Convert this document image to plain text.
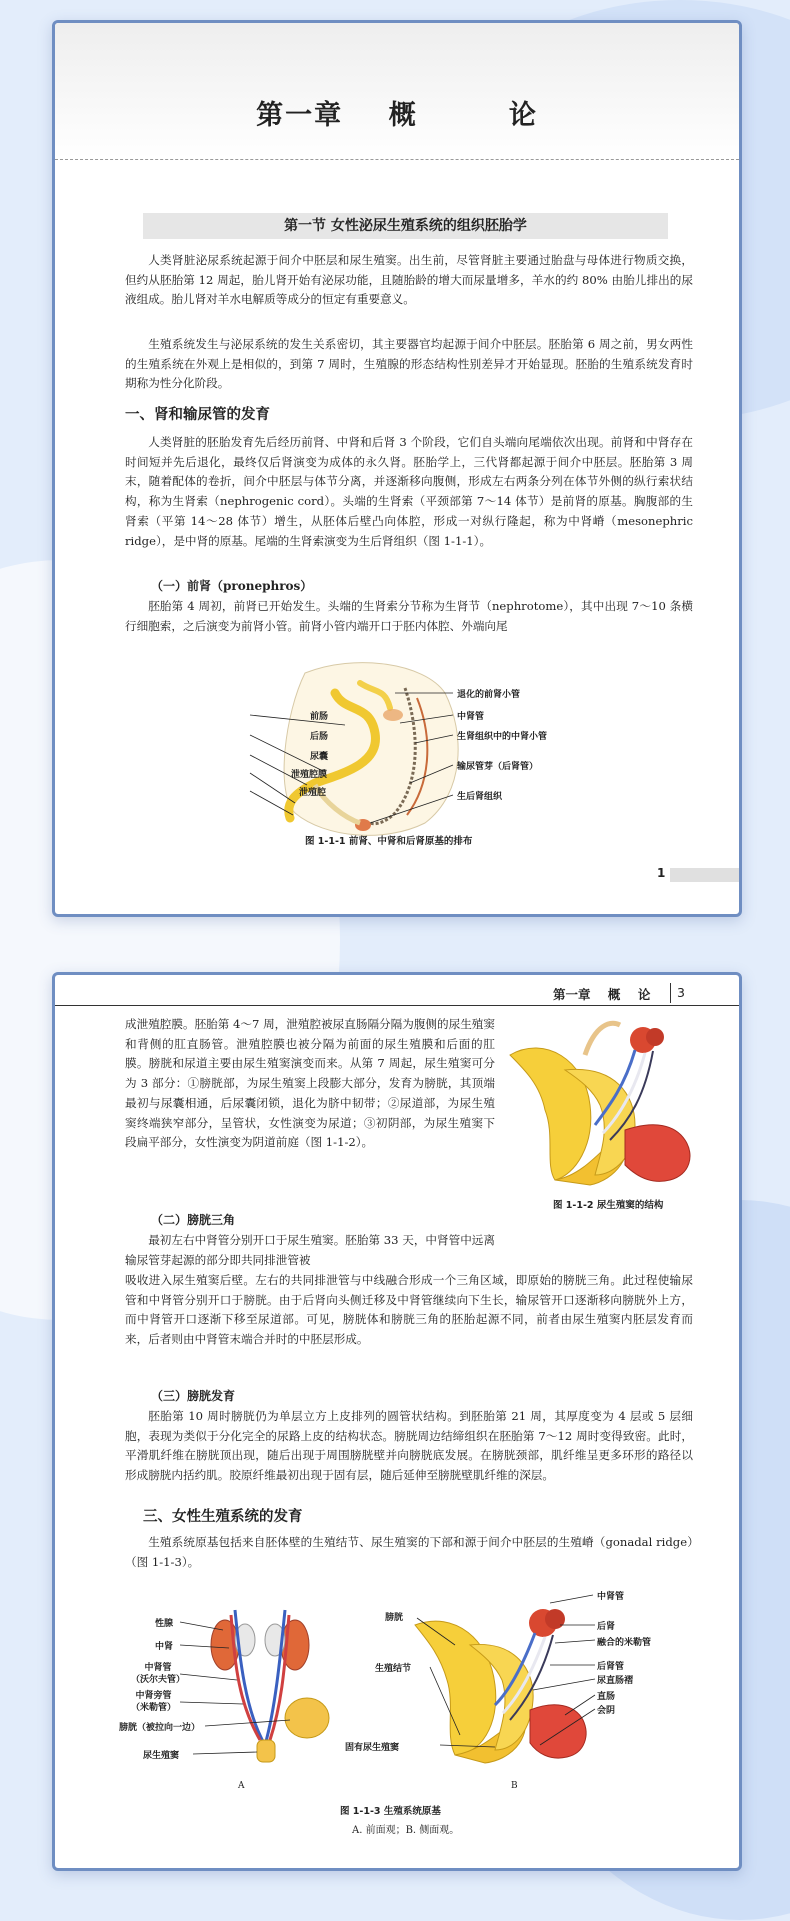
第一章    概        论
第一节 女性泌尿生殖系统的组织胚胎学

人类肾脏泌尿系统起源于间介中胚层和尿生殖窦。出生前，尽管肾脏主要通过胎盘与母体进行物质交换，但约从胚胎第 12 周起，胎儿肾开始有泌尿功能，且随胎龄的增大而尿量增多，羊水的约 80% 由胎儿排出的尿液组成。胎儿肾对羊水电解质等成分的恒定有重要意义。

生殖系统发生与泌尿系统的发生关系密切，其主要器官均起源于间介中胚层。胚胎第 6 周之前，男女两性的生殖系统在外观上是相似的，到第 7 周时，生殖腺的形态结构性别差异才开始显现。胚胎的生殖系统发育时期称为性分化阶段。

一、肾和输尿管的发育

人类肾脏的胚胎发育先后经历前肾、中肾和后肾 3 个阶段，它们自头端向尾端依次出现。前肾和中肾存在时间短并先后退化，最终仅后肾演变为成体的永久肾。胚胎学上，三代肾都起源于间介中胚层。胚胎第 3 周末，随着配体的卷折，间介中胚层与体节分离，并逐渐移向腹侧，形成左右两条分列在体节外侧的纵行索状结构，称为生肾索（nephrogenic cord）。头端的生肾索（平颈部第 7～14 体节）是前肾的原基。胸腹部的生肾索（平第 14～28 体节）增生，从胚体后壁凸向体腔，形成一对纵行隆起，称为中肾嵴（mesonephric ridge），是中肾的原基。尾端的生肾索演变为生后肾组织（图 1-1-1）。

（一）前肾（pronephros）

胚胎第 4 周初，前肾已开始发生。头端的生肾索分节称为生肾节（nephrotome），其中出现 7～10 条横行细胞索，之后演变为前肾小管。前肾小管内端开口于胚内体腔、外端向尾

前肠
后肠
尿囊
泄殖腔膜
泄殖腔
退化的前肾小管
中肾管
生肾组织中的中肾小管
输尿管芽（后肾管）
生后肾组织
图 1-1-1 前肾、中肾和后肾原基的排布
1
第一章    概    论 3

成泄殖腔膜。胚胎第 4～7 周，泄殖腔被尿直肠隔分隔为腹侧的尿生殖窦和背侧的肛直肠管。泄殖腔膜也被分隔为前面的尿生殖膜和后面的肛膜。膀胱和尿道主要由尿生殖窦演变而来。从第 7 周起，尿生殖窦可分为 3 部分：①膀胱部，为尿生殖窦上段膨大部分，发育为膀胱，其顶端最初与尿囊相通，后尿囊闭锁，退化为脐中韧带；②尿道部，为尿生殖窦终端狭窄部分，呈管状，女性演变为尿道；③初阴部，为尿生殖窦下段扁平部分，女性演变为阴道前庭（图 1-1-2）。

图 1-1-2 尿生殖窦的结构
（二）膀胱三角

最初左右中肾管分别开口于尿生殖窦。胚胎第 33 天，中肾管中远离输尿管芽起源的部分即共同排泄管被

吸收进入尿生殖窦后壁。左右的共同排泄管与中线融合形成一个三角区域，即原始的膀胱三角。此过程使输尿管和中肾管分别开口于膀胱。由于后肾向头侧迁移及中肾管继续向下生长，输尿管开口逐渐移向膀胱外上方，而中肾管开口逐渐下移至尿道部。可见，膀胱体和膀胱三角的胚胎起源不同，前者由尿生殖窦内胚层发育而来，后者则由中肾管末端合并时的中胚层形成。

（三）膀胱发育

胚胎第 10 周时膀胱仍为单层立方上皮排列的圆管状结构。到胚胎第 21 周，其厚度变为 4 层或 5 层细胞，表现为类似于分化完全的尿路上皮的结构状态。膀胱周边结缔组织在胚胎第 7～12 周时变得致密。此时，平滑肌纤维在膀胱顶出现，随后出现于周围膀胱壁并向膀胱底发展。在膀胱颈部，肌纤维呈更多环形的路径以形成膀胱内括约肌。胶原纤维最初出现于固有层，随后延伸至膀胱壁肌纤维的深层。

三、女性生殖系统的发育

生殖系统原基包括来自胚体壁的生殖结节、尿生殖窦的下部和源于间介中胚层的生殖嵴（gonadal ridge）（图 1-1-3）。

性腺
中肾
中肾管
（沃尔夫管）
中肾旁管
（米勒管）
膀胱（被拉向一边）
尿生殖窦
A
膀胱
生殖结节
固有尿生殖窦
中肾管
后肾
融合的米勒管
后肾管
尿直肠褶
直肠
会阴
B
图 1-1-3 生殖系统原基
A. 前面观；B. 侧面观。
